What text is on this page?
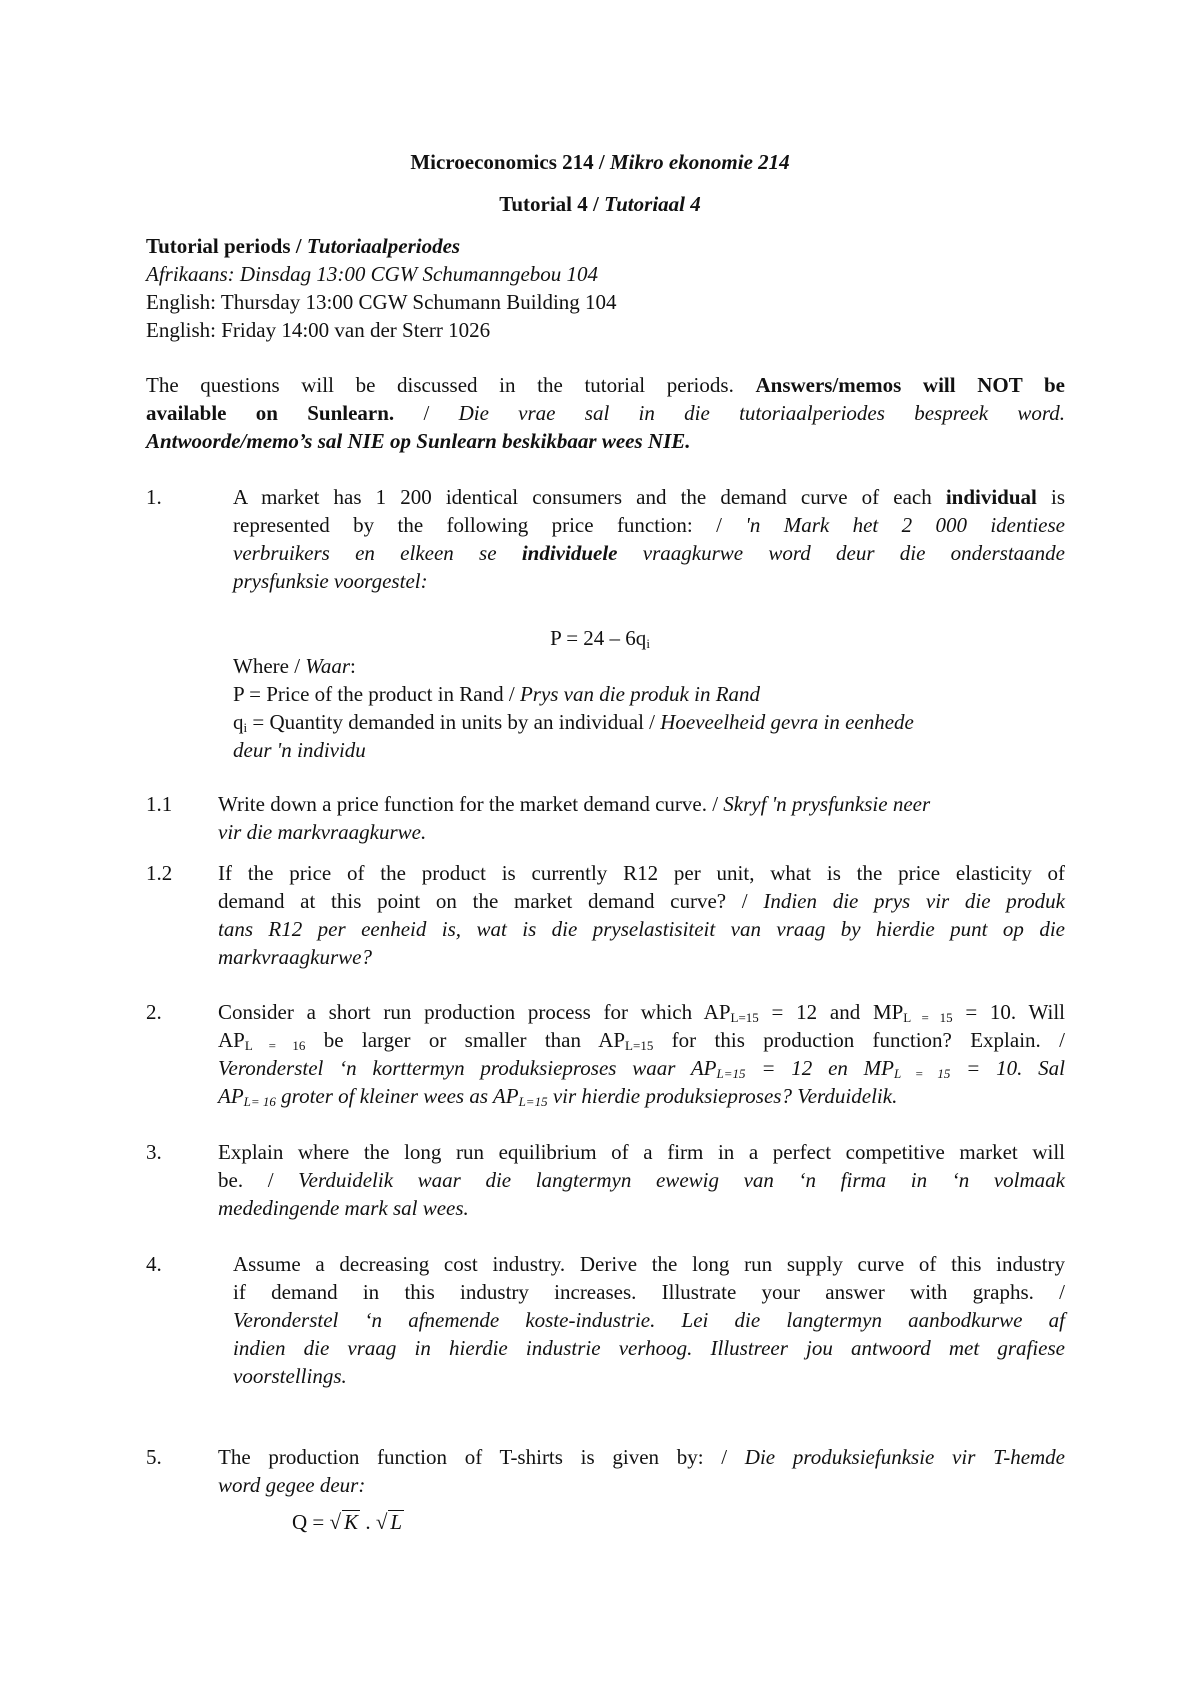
Microeconomics 214 / Mikro ekonomie 214
Tutorial 4 / Tutoriaal 4
Tutorial periods / Tutoriaalperiodes
Afrikaans: Dinsdag 13:00 CGW Schumanngebou 104
English: Thursday 13:00 CGW Schumann Building 104
English: Friday 14:00 van der Sterr 1026
The questions will be discussed in the tutorial periods. Answers/memos will NOT be
available on Sunlearn. / Die vrae sal in die tutoriaalperiodes bespreek word.
Antwoorde/memo’s sal NIE op Sunlearn beskikbaar wees NIE.
1.	A market has 1 200 identical consumers and the demand curve of each individual is
represented by the following price function: / 'n Mark het 2 000 identiese
verbruikers en elkeen se individuele vraagkurwe word deur die onderstaande
prysfunksie voorgestel:
$P = 24 - 6q_i$
Where / Waar:
P = Price of the product in Rand / Prys van die produk in Rand
$q_i$ = Quantity demanded in units by an individual / Hoeveelheid gevra in eenhede
deur 'n individu
1.1 Write down a price function for the market demand curve. / Skryf 'n prysfunksie neer
vir die markvraagkurwe.
1.2 If the price of the product is currently R12 per unit, what is the price elasticity of
demand at this point on the market demand curve? / Indien die prys vir die produk
tans R12 per eenheid is, wat is die pryselastisiteit van vraag by hierdie punt op die
markvraagkurwe?
2.	Consider a short run production process for which $AP_{L=15} = 12$ and $MP_{L = 15} = 10$. Will
$AP_{L = 16}$ be larger or smaller than $AP_{L=15}$ for this production function? Explain. /
Veronderstel ‘n korttermyn produksieproses waar $AP_{L=15} = 12$ en $MP_{L = 15} = 10$. Sal
$AP_{L= 16}$ groter of kleiner wees as $AP_{L=15}$ vir hierdie produksieproses? Verduidelik.
3.	Explain where the long run equilibrium of a firm in a perfect competitive market will
be. / Verduidelik waar die langtermyn ewewig van ‘n firma in ‘n volmaak
mededingende mark sal wees.
4.	Assume a decreasing cost industry. Derive the long run supply curve of this industry
if demand in this industry increases. Illustrate your answer with graphs. /
Veronderstel ‘n afnemende koste-industrie. Lei die langtermyn aanbodkurwe af
indien die vraag in hierdie industrie verhoog. Illustreer jou antwoord met grafiese
voorstellings.
5.	The production function of T-shirts is given by: / Die produksiefunksie vir T-hemde
word gegee deur:
Q = √ K . √ L
